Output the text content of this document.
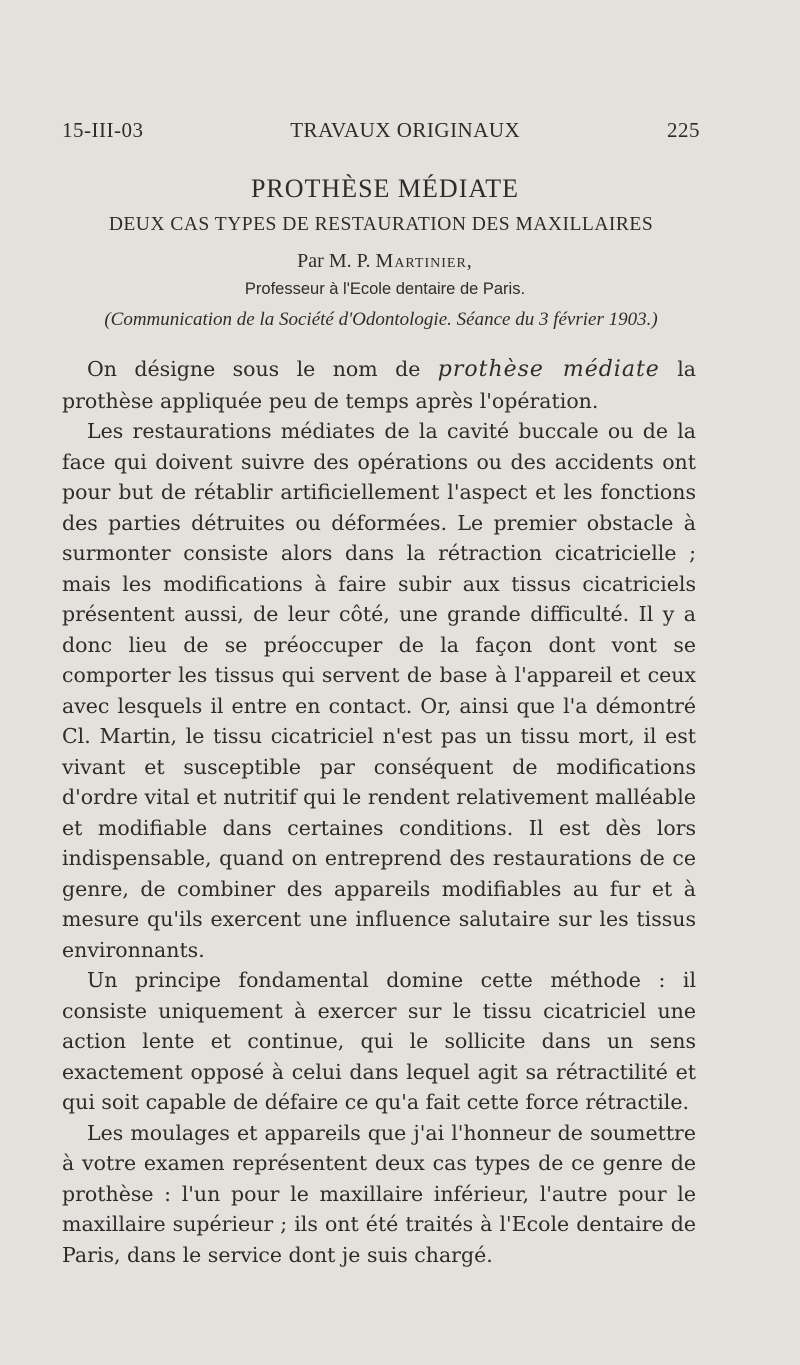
15-III-03	TRAVAUX ORIGINAUX	225
PROTHÈSE MÉDIATE
DEUX CAS TYPES DE RESTAURATION DES MAXILLAIRES
Par M. P. Martinier,
Professeur à l'Ecole dentaire de Paris.
(Communication de la Société d'Odontologie. Séance du 3 février 1903.)

On désigne sous le nom de prothèse médiate la prothèse appliquée peu de temps après l'opération.

Les restaurations médiates de la cavité buccale ou de la face qui doivent suivre des opérations ou des accidents ont pour but de rétablir artificiellement l'aspect et les fonctions des parties détruites ou déformées. Le premier obstacle à surmonter consiste alors dans la rétraction cicatricielle ; mais les modifications à faire subir aux tissus cicatriciels présentent aussi, de leur côté, une grande difficulté. Il y a donc lieu de se préoccuper de la façon dont vont se comporter les tissus qui servent de base à l'appareil et ceux avec lesquels il entre en contact. Or, ainsi que l'a démontré Cl. Martin, le tissu cicatriciel n'est pas un tissu mort, il est vivant et susceptible par conséquent de modifications d'ordre vital et nutritif qui le rendent relativement malléable et modifiable dans certaines conditions. Il est dès lors indispensable, quand on entreprend des restaurations de ce genre, de combiner des appareils modifiables au fur et à mesure qu'ils exercent une influence salutaire sur les tissus environnants.

Un principe fondamental domine cette méthode : il consiste uniquement à exercer sur le tissu cicatriciel une action lente et continue, qui le sollicite dans un sens exactement opposé à celui dans lequel agit sa rétractilité et qui soit capable de défaire ce qu'a fait cette force rétractile.

Les moulages et appareils que j'ai l'honneur de soumettre à votre examen représentent deux cas types de ce genre de prothèse : l'un pour le maxillaire inférieur, l'autre pour le maxillaire supérieur ; ils ont été traités à l'Ecole dentaire de Paris, dans le service dont je suis chargé.
